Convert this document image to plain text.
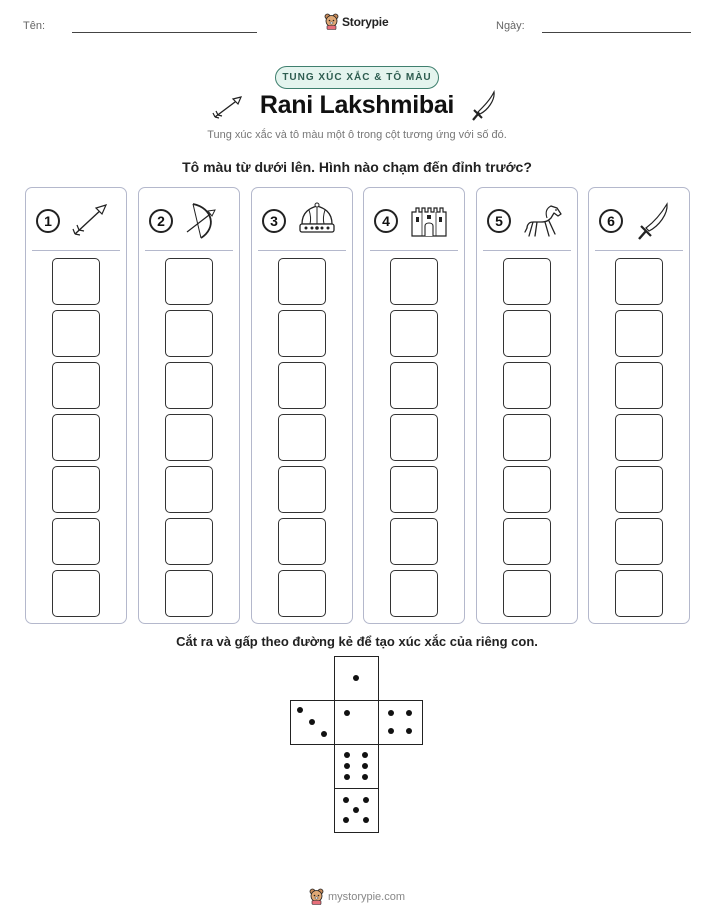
Tên:	Storypie	Ngày:
TUNG XÚC XẮC & TÔ MÀU
Rani Lakshmibai
Tung xúc xắc và tô màu một ô trong cột tương ứng với số đó.
Tô màu từ dưới lên. Hình nào chạm đến đỉnh trước?
1	2	3	4	5	6
Cắt ra và gấp theo đường kẻ để tạo xúc xắc của riêng con.
mystorypie.com
